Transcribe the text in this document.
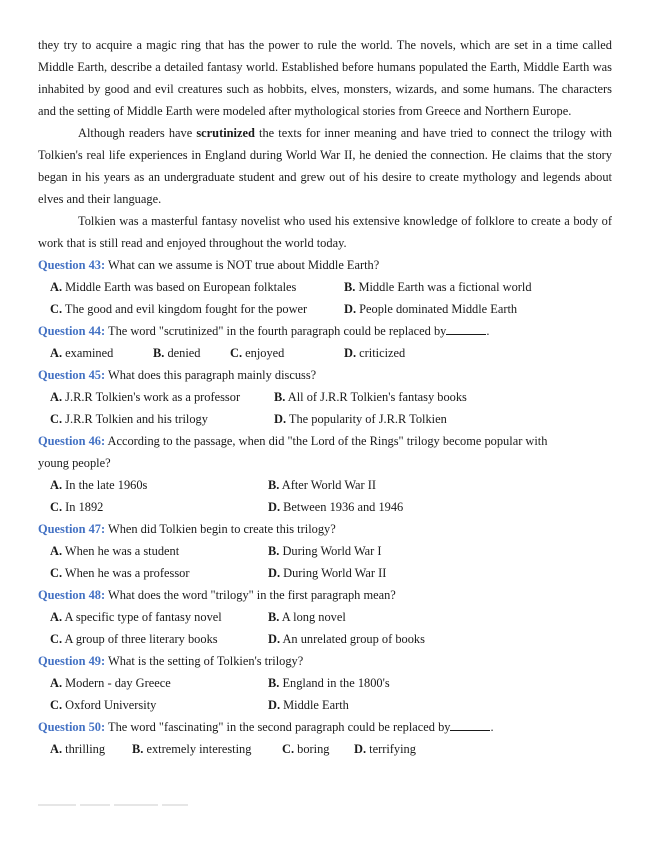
they try to acquire a magic ring that has the power to rule the world. The novels, which are set in a time called Middle Earth, describe a detailed fantasy world. Established before humans populated the Earth, Middle Earth was inhabited by good and evil creatures such as hobbits, elves, monsters, wizards, and some humans. The characters and the setting of Middle Earth were modeled after mythological stories from Greece and Northern Europe.

Although readers have scrutinized the texts for inner meaning and have tried to connect the trilogy with Tolkien's real life experiences in England during World War II, he denied the connection. He claims that the story began in his years as an undergraduate student and grew out of his desire to create mythology and legends about elves and their language.

Tolkien was a masterful fantasy novelist who used his extensive knowledge of folklore to create a body of work that is still read and enjoyed throughout the world today.

Question 43: What can we assume is NOT true about Middle Earth?
A. Middle Earth was based on European folktales	B. Middle Earth was a fictional world
C. The good and evil kingdom fought for the power	D. People dominated Middle Earth
Question 44: The word "scrutinized" in the fourth paragraph could be replaced by	.
A. examined	B. denied C. enjoyed	D. criticized
Question 45: What does this paragraph mainly discuss?
A. J.R.R Tolkien's work as a professor	B. All of J.R.R Tolkien's fantasy books
C. J.R.R Tolkien and his trilogy	D. The popularity of J.R.R Tolkien
Question 46: According to the passage, when did "the Lord of the Rings" trilogy become popular with
young people?
A. In the late 1960s	B. After World War II
C. In 1892	D. Between 1936 and 1946
Question 47: When did Tolkien begin to create this trilogy?
A. When he was a student	B. During World War I
C. When he was a professor	D. During World War II
Question 48: What does the word "trilogy" in the first paragraph mean?
A. A specific type of fantasy novel	B. A long novel
C. A group of three literary books	D. An unrelated group of books
Question 49: What is the setting of Tolkien's trilogy?
A. Modern - day Greece	B. England in the 1800's
C. Oxford University	D. Middle Earth
Question 50: The word "fascinating" in the second paragraph could be replaced by	.
A. thrilling B. extremely interesting C. boring D. terrifying
